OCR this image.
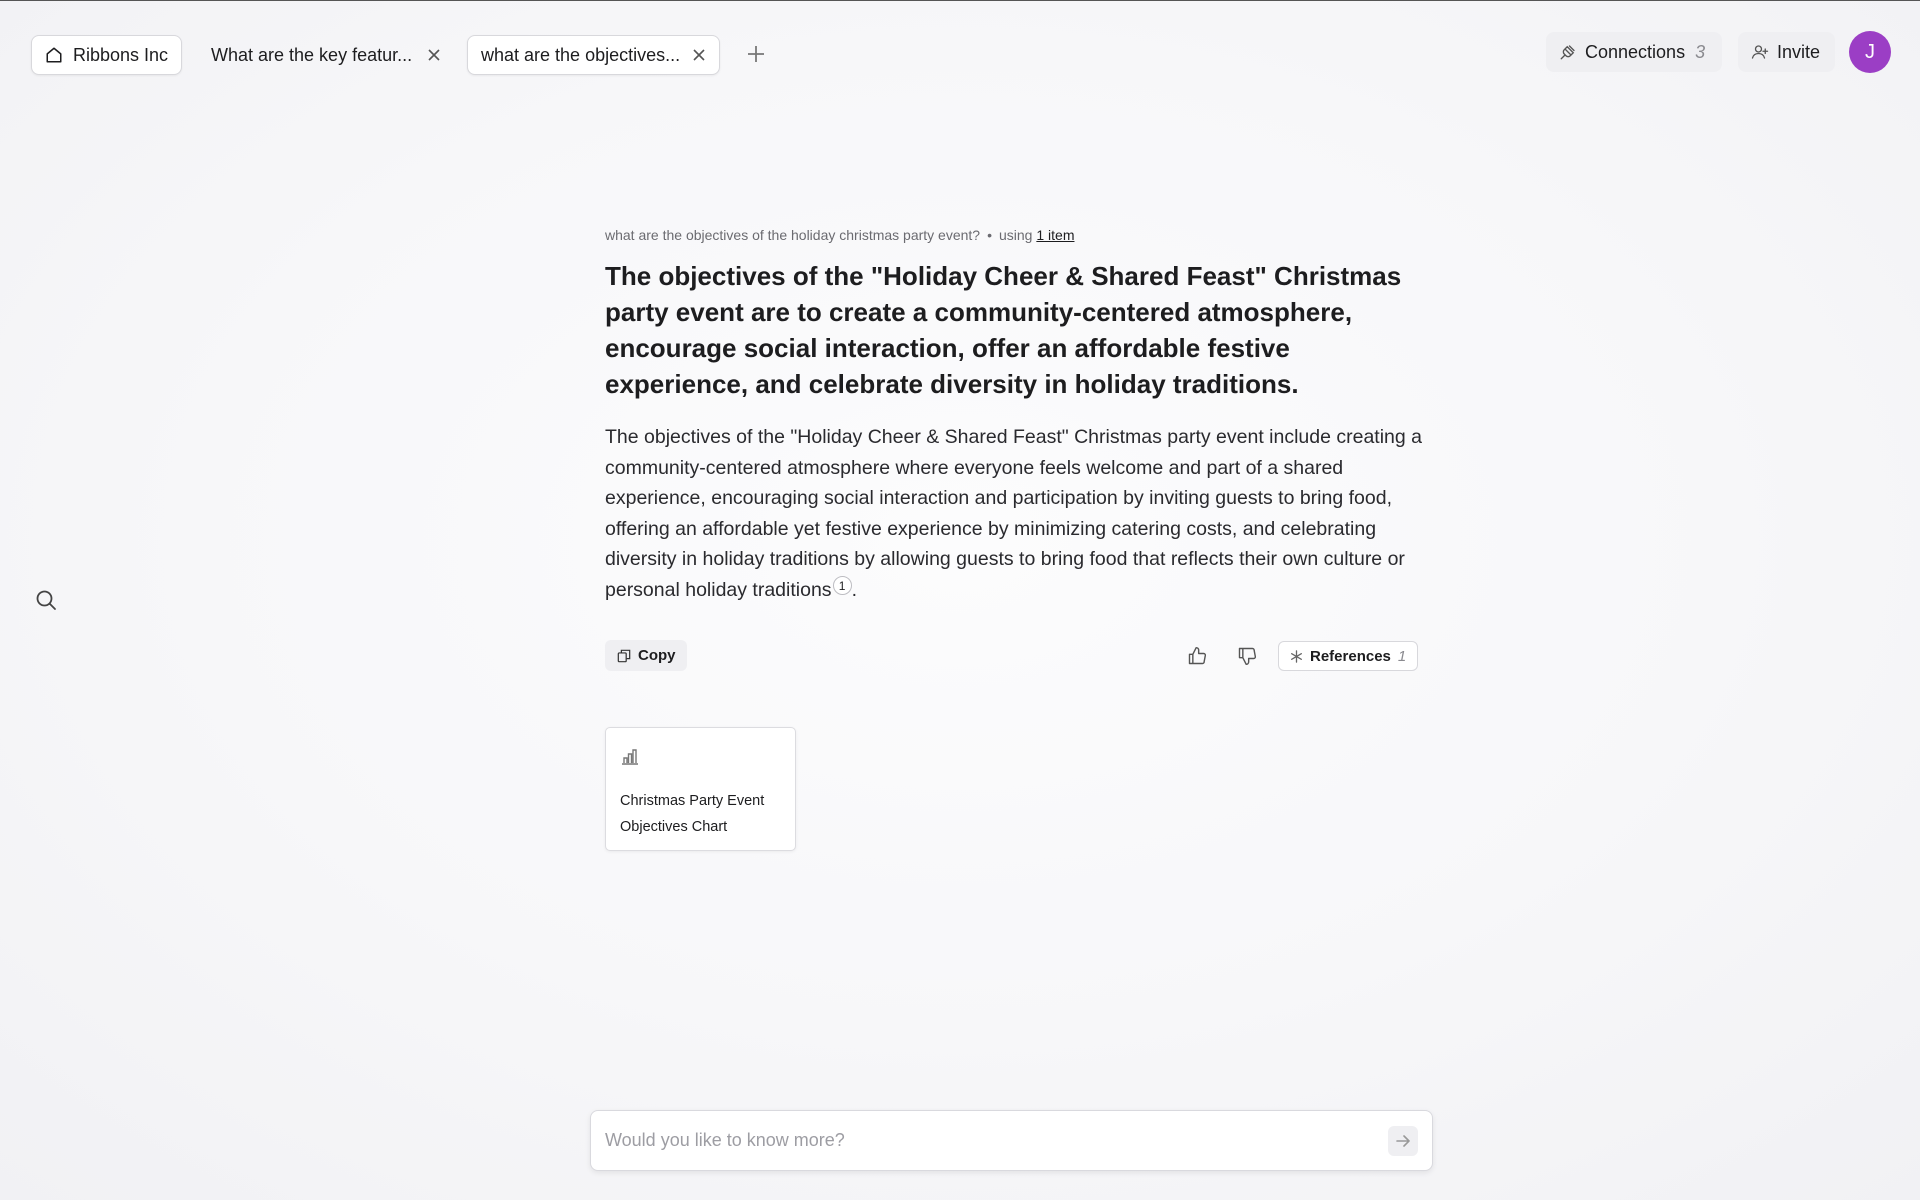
Ribbons Inc What are the key featur...	what are the objectives...	Connections 3	Invite	J
what are the objectives of the holiday christmas party event? • using 1 item
The objectives of the "Holiday Cheer & Shared Feast" Christmas party event are to create a community-centered atmosphere, encourage social interaction, offer an affordable festive experience, and celebrate diversity in holiday traditions.
The objectives of the "Holiday Cheer & Shared Feast" Christmas party event include creating a community-centered atmosphere where everyone feels welcome and part of a shared experience, encouraging social interaction and participation by inviting guests to bring food, offering an affordable yet festive experience by minimizing catering costs, and celebrating diversity in holiday traditions by allowing guests to bring food that reflects their own culture or personal holiday traditions 1 .
Copy	References 1
Christmas Party Event Objectives Chart
Would you like to know more?
